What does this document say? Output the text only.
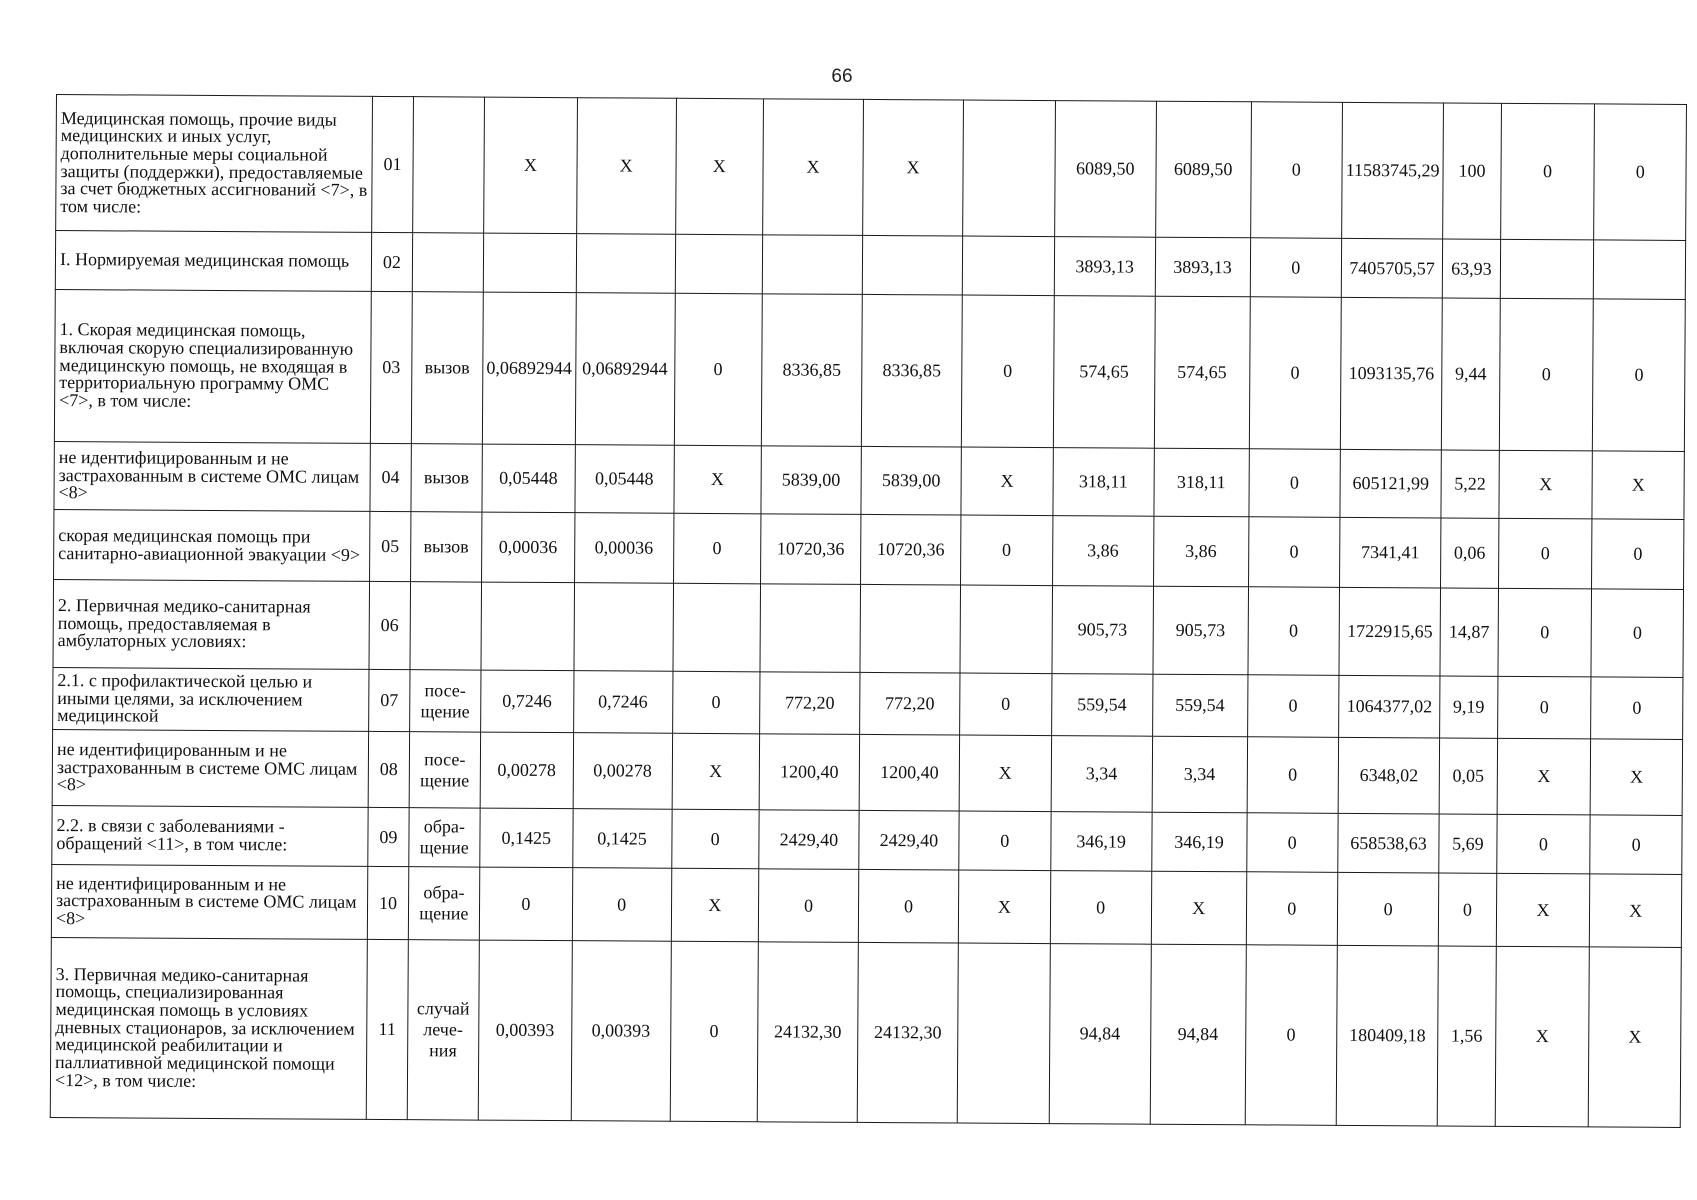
66
Медицинская помощь, прочие виды медицинских и иных услуг, дополнительные меры социальной защиты (поддержки), предоставляемые за счет бюджетных ассигнований <7>, в том числе:	01		X	X	X	X	X		6089,50	6089,50	0	11583745,29	100	0	0
I. Нормируемая медицинская помощь	02								3893,13	3893,13	0	7405705,57	63,93		
1. Скорая медицинская помощь, включая скорую специализированную медицинскую помощь, не входящая в территориальную программу ОМС <7>, в том числе:	03	вызов	0,06892944	0,06892944	0	8336,85	8336,85	0	574,65	574,65	0	1093135,76	9,44	0	0
не идентифицированным и не застрахованным в системе ОМС лицам <8>	04	вызов	0,05448	0,05448	X	5839,00	5839,00	X	318,11	318,11	0	605121,99	5,22	X	X
скорая медицинская помощь при санитарно-авиационной эвакуации <9>	05	вызов	0,00036	0,00036	0	10720,36	10720,36	0	3,86	3,86	0	7341,41	0,06	0	0
2. Первичная медико-санитарная помощь, предоставляемая в амбулаторных условиях:	06								905,73	905,73	0	1722915,65	14,87	0	0
2.1. с профилактической целью и иными целями, за исключением медицинской	07	посе-щение	0,7246	0,7246	0	772,20	772,20	0	559,54	559,54	0	1064377,02	9,19	0	0
не идентифицированным и не застрахованным в системе ОМС лицам <8>	08	посе-щение	0,00278	0,00278	X	1200,40	1200,40	X	3,34	3,34	0	6348,02	0,05	X	X
2.2. в связи с заболеваниями - обращений <11>, в том числе:	09	обра-щение	0,1425	0,1425	0	2429,40	2429,40	0	346,19	346,19	0	658538,63	5,69	0	0
не идентифицированным и не застрахованным в системе ОМС лицам <8>	10	обра-щение	0	0	X	0	0	X	0	X	0	0	0	X	X
3. Первичная медико-санитарная помощь, специализированная медицинская помощь в условиях дневных стационаров, за исключением медицинской реабилитации и паллиативной медицинской помощи <12>, в том числе:	11	случай лече-ния	0,00393	0,00393	0	24132,30	24132,30		94,84	94,84	0	180409,18	1,56	X	X
